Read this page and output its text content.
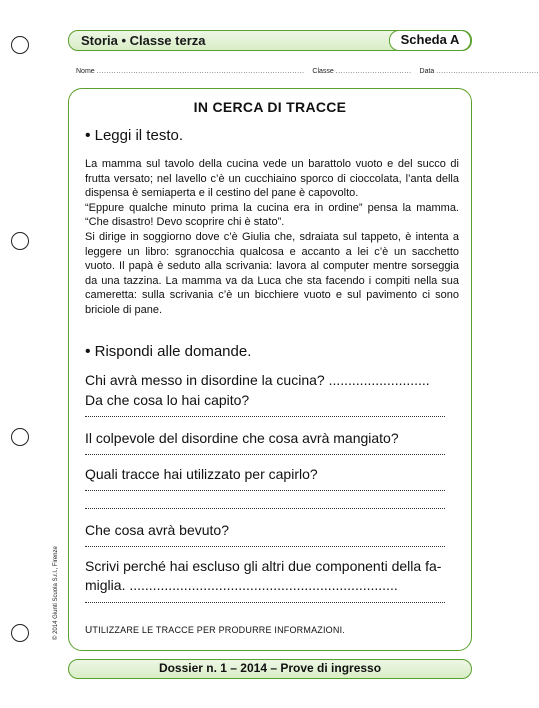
Storia • Classe terza	Scheda A
Nome ..................................................................................... Classe ............................... Data ..........................................
IN CERCA DI TRACCE
• Leggi il testo.

La mamma sul tavolo della cucina vede un barattolo vuoto e del succo di frutta versato; nel lavello c’è un cucchiaino sporco di cioccolata, l’anta della dispensa è semiaperta e il cestino del pane è capovolto.

“Eppure qualche minuto prima la cucina era in ordine” pensa la mamma. “Che disastro! Devo scoprire chi è stato”.

Si dirige in soggiorno dove c’è Giulia che, sdraiata sul tappeto, è intenta a leggere un libro: sgranocchia qualcosa e accanto a lei c’è un sacchetto vuoto. Il papà è seduto alla scrivania: lavora al computer mentre sorseggia da una tazzina. La mamma va da Luca che sta facendo i compiti nella sua cameretta: sulla scrivania c’è un bicchiere vuoto e sul pavimento ci sono briciole di pane.

• Rispondi alle domande.
Chi avrà messo in disordine la cucina? ..........................
Da che cosa lo hai capito?
Il colpevole del disordine che cosa avrà mangiato?
Quali tracce hai utilizzato per capirlo?
Che cosa avrà bevuto?
Scrivi perché hai escluso gli altri due componenti della fa-
miglia. .....................................................................
UTILIZZARE LE TRACCE PER PRODURRE INFORMAZIONI.
© 2014 Giunti Scuola S.r.l., Firenze
Dossier n. 1 – 2014 – Prove di ingresso
